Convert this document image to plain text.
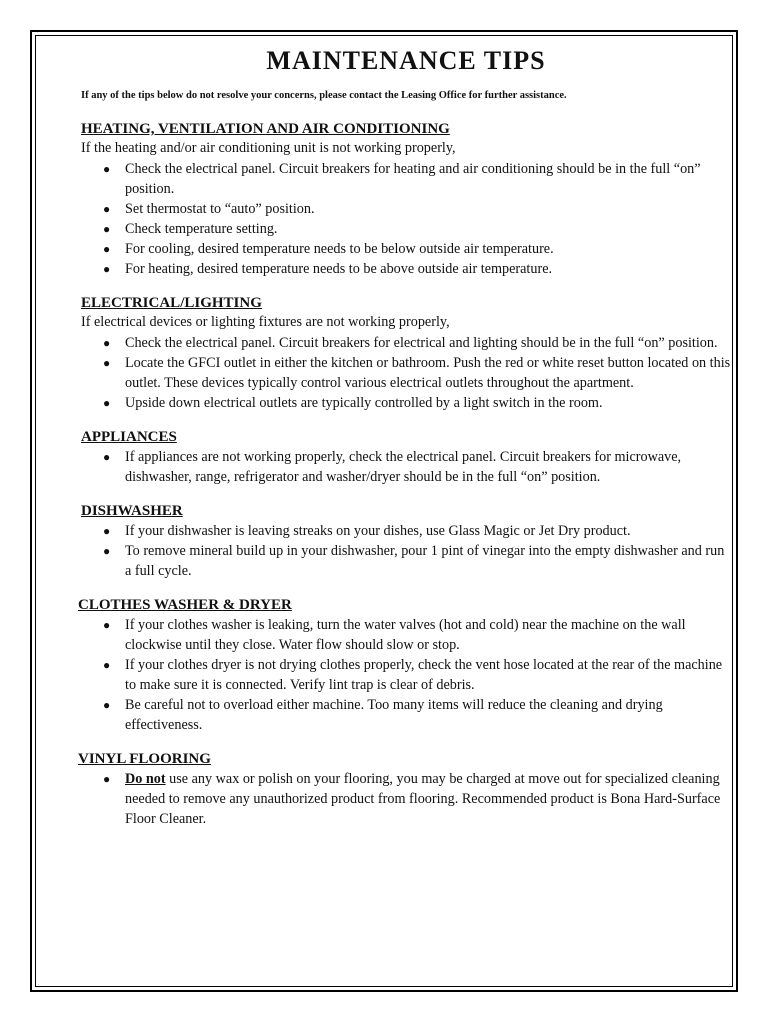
MAINTENANCE TIPS
If any of the tips below do not resolve your concerns, please contact the Leasing Office for further assistance.
HEATING, VENTILATION AND AIR CONDITIONING
If the heating and/or air conditioning unit is not working properly,
● Check the electrical panel. Circuit breakers for heating and air conditioning should be in the full “on” position.
● Set thermostat to “auto” position.
● Check temperature setting.
● For cooling, desired temperature needs to be below outside air temperature.
● For heating, desired temperature needs to be above outside air temperature.
ELECTRICAL/LIGHTING
If electrical devices or lighting fixtures are not working properly,
● Check the electrical panel. Circuit breakers for electrical and lighting should be in the full “on” position.
● Locate the GFCI outlet in either the kitchen or bathroom. Push the red or white reset button located on this outlet. These devices typically control various electrical outlets throughout the apartment.
● Upside down electrical outlets are typically controlled by a light switch in the room.
APPLIANCES
● If appliances are not working properly, check the electrical panel. Circuit breakers for microwave, dishwasher, range, refrigerator and washer/dryer should be in the full “on” position.
DISHWASHER
● If your dishwasher is leaving streaks on your dishes, use Glass Magic or Jet Dry product.
● To remove mineral build up in your dishwasher, pour 1 pint of vinegar into the empty dishwasher and run a full cycle.
CLOTHES WASHER & DRYER
● If your clothes washer is leaking, turn the water valves (hot and cold) near the machine on the wall clockwise until they close. Water flow should slow or stop.
● If your clothes dryer is not drying clothes properly, check the vent hose located at the rear of the machine to make sure it is connected. Verify lint trap is clear of debris.
● Be careful not to overload either machine. Too many items will reduce the cleaning and drying effectiveness.
VINYL FLOORING
● Do not use any wax or polish on your flooring, you may be charged at move out for specialized cleaning needed to remove any unauthorized product from flooring. Recommended product is Bona Hard-Surface Floor Cleaner.
